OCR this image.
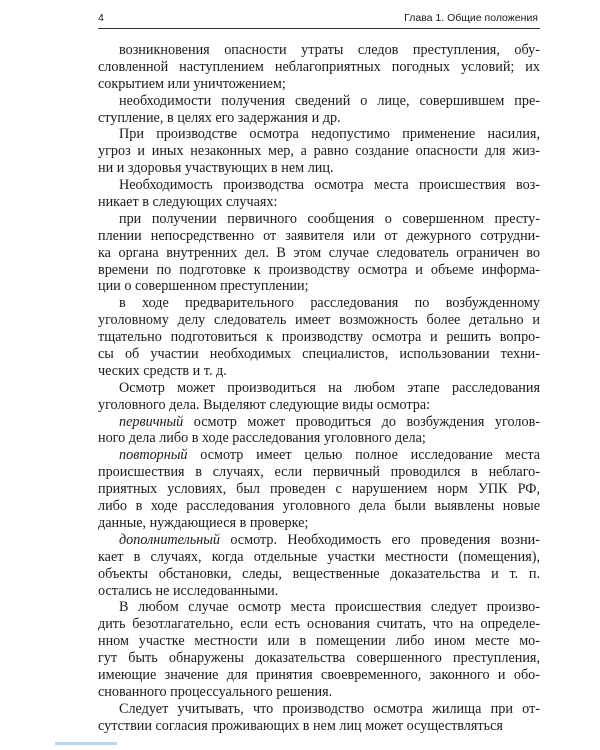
4	Глава 1. Общие положения
возникновения опасности утраты следов преступления, обу-
словленной наступлением неблагоприятных погодных условий; их
сокрытием или уничтожением;
необходимости получения сведений о лице, совершившем пре-
ступление, в целях его задержания и др.
При производстве осмотра недопустимо применение насилия,
угроз и иных незаконных мер, а равно создание опасности для жиз-
ни и здоровья участвующих в нем лиц.
Необходимость производства осмотра места происшествия воз-
никает в следующих случаях:
при получении первичного сообщения о совершенном престу-
плении непосредственно от заявителя или от дежурного сотрудни-
ка органа внутренних дел. В этом случае следователь ограничен во
времени по подготовке к производству осмотра и объеме информа-
ции о совершенном преступлении;
в ходе предварительного расследования по возбужденному
уголовному делу следователь имеет возможность более детально и
тщательно подготовиться к производству осмотра и решить вопро-
сы об участии необходимых специалистов, использовании техни-
ческих средств и т. д.
Осмотр может производиться на любом этапе расследования
уголовного дела. Выделяют следующие виды осмотра:
первичный осмотр может проводиться до возбуждения уголов-
ного дела либо в ходе расследования уголовного дела;
повторный осмотр имеет целью полное исследование места
происшествия в случаях, если первичный проводился в неблаго-
приятных условиях, был проведен с нарушением норм УПК РФ,
либо в ходе расследования уголовного дела были выявлены новые
данные, нуждающиеся в проверке;
дополнительный осмотр. Необходимость его проведения возни-
кает в случаях, когда отдельные участки местности (помещения),
объекты обстановки, следы, вещественные доказательства и т. п.
остались не исследованными.
В любом случае осмотр места происшествия следует произво-
дить безотлагательно, если есть основания считать, что на определе-
нном участке местности или в помещении либо ином месте мо-
гут быть обнаружены доказательства совершенного преступления,
имеющие значение для принятия своевременного, законного и обо-
снованного процессуального решения.
Следует учитывать, что производство осмотра жилища при от-
сутствии согласия проживающих в нем лиц может осуществляться
